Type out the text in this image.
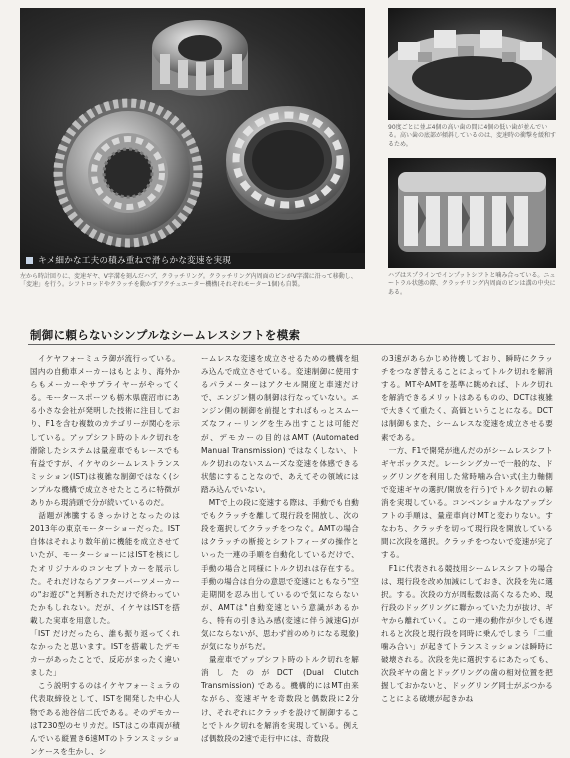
キメ細かな工夫の積み重ねで滑らかな変速を実現
左から時計回りに、変速ギヤ、V字溝を刻んだハブ、クラッチリング。クラッチリング内周面のピンがV字溝に沿って移動し、「変速」を行う。シフトロッドやクラッチを動かすアクチュエーター機構(それぞれモーター1個)も自製。
90度ごとに並ぶ4個の高い歯の間に4個の低い歯が並んでいる。高い歯の底部が傾斜しているのは、変速時の衝撃を緩和するため。
ハブはスプラインでインプットシフトと噛み合っている。ニュートラル状態の際、クラッチリング内周面のピンは溝の中央にある。
制御に頼らないシンプルなシームレスシフトを模索

　イケヤフォーミュラ御が流行っている。国内の自動車メーカーはもとより、海外からもメーカーやサプライヤーがやってくる。モータースポーツも栃木県鹿沼市にある小さな会社が発明した技術に注目しており、F1を含む複数のカテゴリーが関心を示している。アップシフト時のトルク切れを滑除したシステムは量産車でもレースでも有益ですが、イケヤのシームレストランスミッション(IST)は複雑な制御ではなく(シンプルな機構で成立させたところに特徴がありから現消頭で分が続いているのだ。

　話題が沸騰するきっかけとなったのは2013年の東京モーターショーだった。IST自体はそれより数年前に機能を成立させていたが、モーターショーにはISTを核にしたオリジナルのコンセプトカーを展示した。それだけならアフターパーツメーカーの"お遊び"と判断されただけで終わっていたかもしれない。だが、イケヤはISTを搭載した実車を用意した。

「IST だけだったら、誰も振り返ってくれなかったと思います。ISTを搭載したデモカーがあったことで、反応がまったく違いました」

　こう説明するのはイケヤフォーミュラの代表取締役として、ISTを開発した中心人物である池谷信二氏である。そのデモカーはT230型のセリカだ。ISTはこの車両が積んでいる縦置き6速MTのトランスミッションケースを生かし、シ

ームレスな変速を成立させるための機構を組み込んで成立させている。変速制御に使用するパラメーターはアクセル開度と車速だけで、エンジン側の制御は行なっていない。エンジン側の制御を前提とすればもっとスムーズなフィーリングを生み出すことは可能だが、デモカーの目的はAMT (Automated Manual Transmission) ではなくしない、トルク切れのないスムーズな変速を体感できる状態にすることなので、あえてその領域には踏み込んでいない。

　MTで上の段に変速する際は、手動でも自動でもクラッチを離して現行段を開放し、次の段を選択してクラッチをつなぐ。AMTの場合はクラッチの断接とシフトフィーダの操作といった一連の手順を自動化しているだけで、手動の場合と同様にトルク切れは存在する。手動の場合は自分の意思で変速にともなう"空走期間を忍み出しているので気にならないが、AMTは"自動変速という意識があるから、特有の引き込み感(変速に伴う減速G)が気にならないが、思わず首のめりになる現象)が気になりがちだ。

　量産車でアップシフト時のトルク切れを解消したのがDCT (Dual Clutch Transmission) である。機構的にはMT由来ながら、変速ギヤを奇数段と偶数段に2分け、それぞれにクラッチを設けて制御することでトルク切れを解消を実現している。例えば偶数段の2速で走行中には、奇数段

の3速があらかじめ待機しており、瞬時にクラッチをつなぎ替えることによってトルク切れを解消する。MTやAMTを基準に眺めれば、トルク切れを解消できるメリットはあるものの、DCTは複雑で大きくて重たく、高価ということになる。DCTは制御もまた、シームレスな変速を成立させる要素である。

　一方、F1で開発が進んだのがシームレスシフトギヤボックスだ。レーシングカーで一般的な、ドッグリングを利用した常時噛み合い式(主力軸側で変速ギヤの選択/開放を行う)でトルク切れの解消を実現している。コンベンショナルなアップシフトの手順は、量産車向けMTと変わりない。すなわち、クラッチを切って現行段を開放している間に次段を選択。クラッチをつないで変速が完了する。

　F1に代表される競技用シームレスシフトの場合は、現行段を改め加減にしておき、次段を先に選択。する。次段の方が周転数は高くなるため、現行段のドッグリングに聯かっていた力が抜け、ギヤから離れていく。この一連の動作が少しでも遅れると次段と現行段を同時に乗んでしまう「二重噛み合い」が起きてトランスミッションは瞬時に破壊される。次段を先に選択するにあたっても、次段ギヤの歯とドッグリングの歯の相対位置を把握しておかないと、ドッグリング同士がぶつかることによる破壊が起きかね
